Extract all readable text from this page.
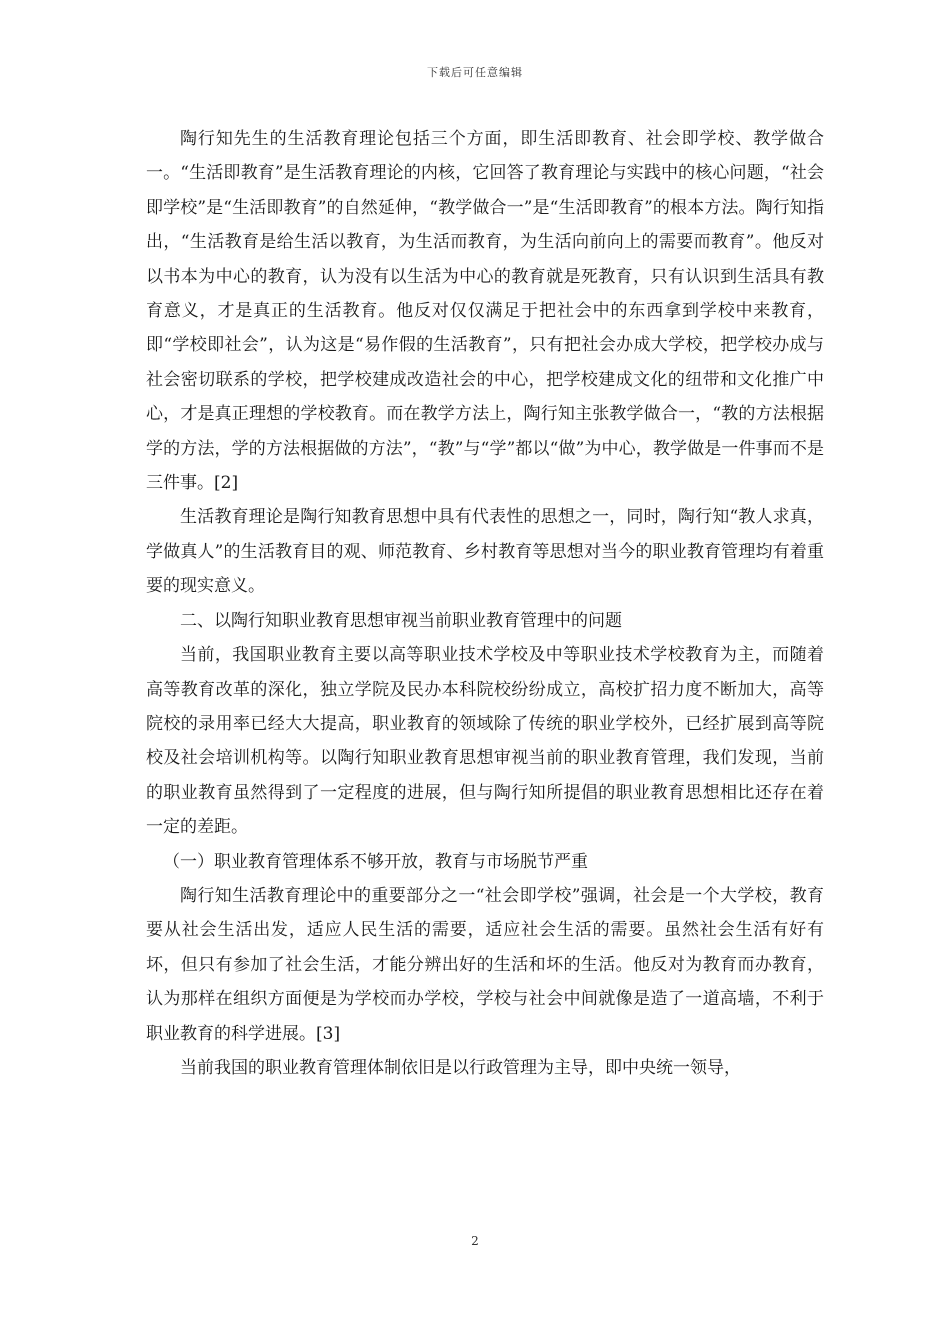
下载后可任意编辑

陶行知先生的生活教育理论包括三个方面，即生活即教育、社会即学校、教学做合一。“生活即教育”是生活教育理论的内核，它回答了教育理论与实践中的核心问题，“社会即学校”是“生活即教育”的自然延伸，“教学做合一”是“生活即教育”的根本方法。陶行知指出，“生活教育是给生活以教育，为生活而教育，为生活向前向上的需要而教育”。他反对以书本为中心的教育，认为没有以生活为中心的教育就是死教育，只有认识到生活具有教育意义，才是真正的生活教育。他反对仅仅满足于把社会中的东西拿到学校中来教育，即“学校即社会”，认为这是“易作假的生活教育”，只有把社会办成大学校，把学校办成与社会密切联系的学校，把学校建成改造社会的中心，把学校建成文化的纽带和文化推广中心，才是真正理想的学校教育。而在教学方法上，陶行知主张教学做合一，“教的方法根据学的方法，学的方法根据做的方法”，“教”与“学”都以“做”为中心，教学做是一件事而不是三件事。[2]

生活教育理论是陶行知教育思想中具有代表性的思想之一，同时，陶行知“教人求真，学做真人”的生活教育目的观、师范教育、乡村教育等思想对当今的职业教育管理均有着重要的现实意义。

二、以陶行知职业教育思想审视当前职业教育管理中的问题

当前，我国职业教育主要以高等职业技术学校及中等职业技术学校教育为主，而随着高等教育改革的深化，独立学院及民办本科院校纷纷成立，高校扩招力度不断加大，高等院校的录用率已经大大提高，职业教育的领域除了传统的职业学校外，已经扩展到高等院校及社会培训机构等。以陶行知职业教育思想审视当前的职业教育管理，我们发现，当前的职业教育虽然得到了一定程度的进展，但与陶行知所提倡的职业教育思想相比还存在着一定的差距。

（一）职业教育管理体系不够开放，教育与市场脱节严重

陶行知生活教育理论中的重要部分之一“社会即学校”强调，社会是一个大学校，教育要从社会生活出发，适应人民生活的需要，适应社会生活的需要。虽然社会生活有好有坏，但只有参加了社会生活，才能分辨出好的生活和坏的生活。他反对为教育而办教育，认为那样在组织方面便是为学校而办学校，学校与社会中间就像是造了一道高墙，不利于职业教育的科学进展。[3]

当前我国的职业教育管理体制依旧是以行政管理为主导，即中央统一领导，

2
